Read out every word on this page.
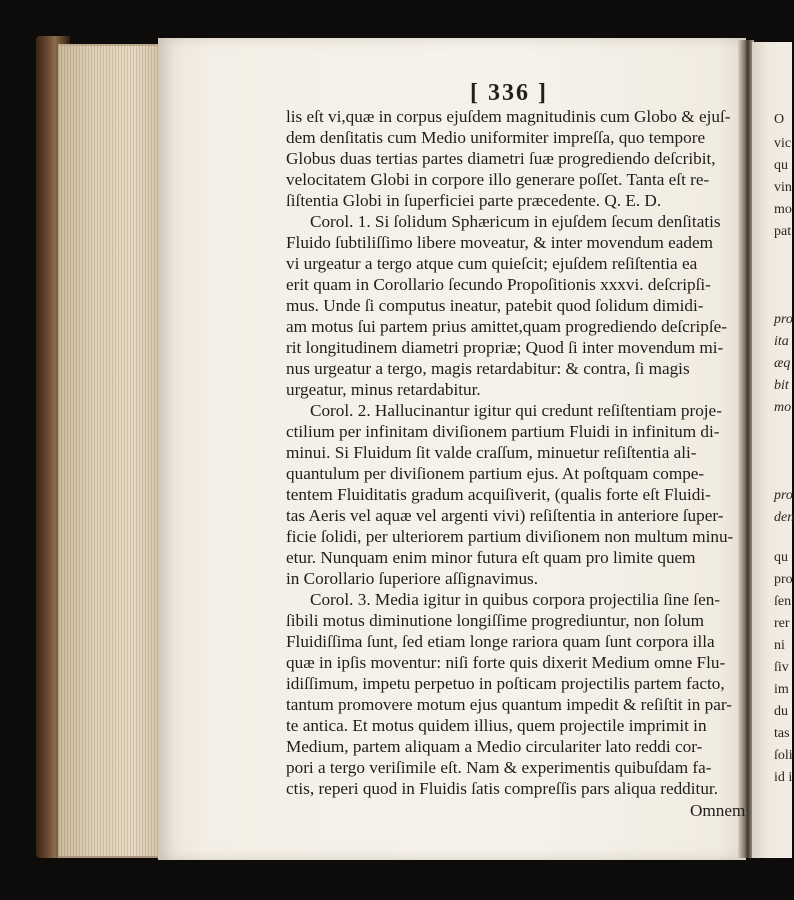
O
vic
qu
vin
mo
pat
pro
ita
æq
bit
mo
pro
den
qu
pro
ſen
rer
ni
ſiv
im
du
tas
ſoli
id i
[ 336 ]
lis eſt vi,quæ in corpus ejuſdem magnitudinis cum Globo & ejuſ-
dem denſitatis cum Medio uniformiter impreſſa, quo tempore
Globus duas tertias partes diametri ſuæ progrediendo deſcribit,
velocitatem Globi in corpore illo generare poſſet. Tanta eſt re-
ſiſtentia Globi in ſuperficiei parte præcedente. Q. E. D.
Corol. 1. Si ſolidum Sphæricum in ejuſdem ſecum denſitatis
Fluido ſubtiliſſimo libere moveatur, & inter movendum eadem
vi urgeatur a tergo atque cum quieſcit; ejuſdem reſiſtentia ea
erit quam in Corollario ſecundo Propoſitionis xxxvi. deſcripſi-
mus. Unde ſi computus ineatur, patebit quod ſolidum dimidi-
am motus ſui partem prius amittet,quam progrediendo deſcripſe-
rit longitudinem diametri propriæ; Quod ſi inter movendum mi-
nus urgeatur a tergo, magis retardabitur: & contra, ſi magis
urgeatur, minus retardabitur.
Corol. 2. Hallucinantur igitur qui credunt reſiſtentiam proje-
ctilium per infinitam diviſionem partium Fluidi in infinitum di-
minui. Si Fluidum ſit valde craſſum, minuetur reſiſtentia ali-
quantulum per diviſionem partium ejus. At poſtquam compe-
tentem Fluiditatis gradum acquiſiverit, (qualis forte eſt Fluidi-
tas Aeris vel aquæ vel argenti vivi) reſiſtentia in anteriore ſuper-
ficie ſolidi, per ulteriorem partium diviſionem non multum minu-
etur. Nunquam enim minor futura eſt quam pro limite quem
in Corollario ſuperiore aſſignavimus.
Corol. 3. Media igitur in quibus corpora projectilia ſine ſen-
ſibili motus diminutione longiſſime progrediuntur, non ſolum
Fluidiſſima ſunt, ſed etiam longe rariora quam ſunt corpora illa
quæ in ipſis moventur: niſi forte quis dixerit Medium omne Flu-
idiſſimum, impetu perpetuo in poſticam projectilis partem facto,
tantum promovere motum ejus quantum impedit & reſiſtit in par-
te antica. Et motus quidem illius, quem projectile imprimit in
Medium, partem aliquam a Medio circulariter lato reddi cor-
pori a tergo veriſimile eſt. Nam & experimentis quibuſdam fa-
ctis, reperi quod in Fluidis ſatis compreſſis pars aliqua redditur.
Omnem
